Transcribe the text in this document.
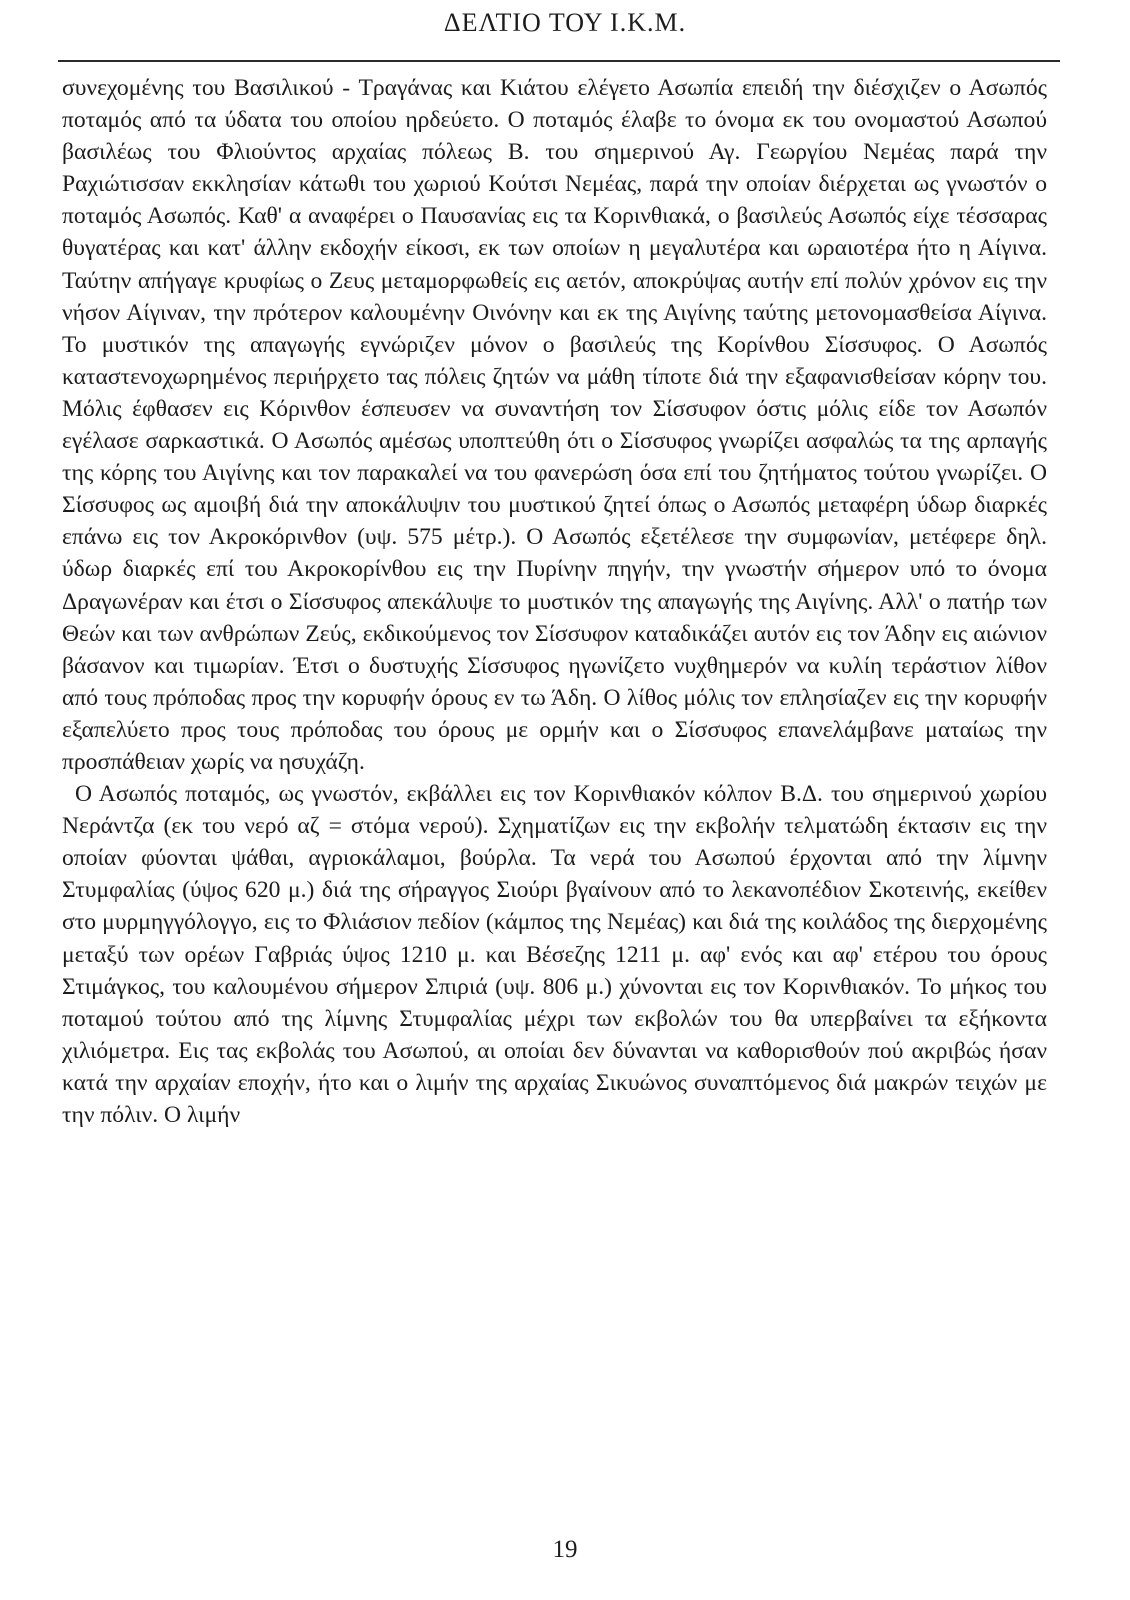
ΔΕΛΤΙΟ ΤΟΥ Ι.Κ.Μ.

συνεχομένης του Βασιλικού - Τραγάνας και Κιάτου ελέγετο Ασωπία επειδή την διέσχιζεν ο Ασωπός ποταμός από τα ύδατα του οποίου ηρδεύετο. Ο ποταμός έλαβε το όνομα εκ του ονομαστού Ασωπού βασιλέως του Φλιούντος αρχαίας πόλεως Β. του σημερινού Αγ. Γεωργίου Νεμέας παρά την Ραχιώτισσαν εκκλησίαν κάτωθι του χωριού Κούτσι Νεμέας, παρά την οποίαν διέρχεται ως γνωστόν ο ποταμός Ασωπός. Καθ' α αναφέρει ο Παυσανίας εις τα Κορινθιακά, ο βασιλεύς Ασωπός είχε τέσσαρας θυγατέρας και κατ' άλλην εκδοχήν είκοσι, εκ των οποίων η μεγαλυτέρα και ωραιοτέρα ήτο η Αίγινα. Ταύτην απήγαγε κρυφίως ο Ζευς μεταμορφωθείς εις αετόν, αποκρύψας αυτήν επί πολύν χρόνον εις την νήσον Αίγιναν, την πρότερον καλουμένην Οινόνην και εκ της Αιγίνης ταύτης μετονομασθείσα Αίγινα. Το μυστικόν της απαγωγής εγνώριζεν μόνον ο βασιλεύς της Κορίνθου Σίσσυφος. Ο Ασωπός καταστενοχωρημένος περιήρχετο τας πόλεις ζητών να μάθη τίποτε διά την εξαφανισθείσαν κόρην του. Μόλις έφθασεν εις Κόρινθον έσπευσεν να συναντήση τον Σίσσυφον όστις μόλις είδε τον Ασωπόν εγέλασε σαρκαστικά. Ο Ασωπός αμέσως υποπτεύθη ότι ο Σίσσυφος γνωρίζει ασφαλώς τα της αρπαγής της κόρης του Αιγίνης και τον παρακαλεί να του φανερώση όσα επί του ζητήματος τούτου γνωρίζει. Ο Σίσσυφος ως αμοιβή διά την αποκάλυψιν του μυστικού ζητεί όπως ο Ασωπός μεταφέρη ύδωρ διαρκές επάνω εις τον Ακροκόρινθον (υψ. 575 μέτρ.). Ο Ασωπός εξετέλεσε την συμφωνίαν, μετέφερε δηλ. ύδωρ διαρκές επί του Ακροκορίνθου εις την Πυρίνην πηγήν, την γνωστήν σήμερον υπό το όνομα Δραγωνέραν και έτσι ο Σίσσυφος απεκάλυψε το μυστικόν της απαγωγής της Αιγίνης. Αλλ' ο πατήρ των Θεών και των ανθρώπων Ζεύς, εκδικούμενος τον Σίσσυφον καταδικάζει αυτόν εις τον Άδην εις αιώνιον βάσανον και τιμωρίαν. Έτσι ο δυστυχής Σίσσυφος ηγωνίζετο νυχθημερόν να κυλίη τεράστιον λίθον από τους πρόποδας προς την κορυφήν όρους εν τω Άδη. Ο λίθος μόλις τον επλησίαζεν εις την κορυφήν εξαπελύετο προς τους πρόποδας του όρους με ορμήν και ο Σίσσυφος επανελάμβανε ματαίως την προσπάθειαν χωρίς να ησυχάζη.

Ο Ασωπός ποταμός, ως γνωστόν, εκβάλλει εις τον Κορινθιακόν κόλπον Β.Δ. του σημερινού χωρίου Νεράντζα (εκ του νερό αζ = στόμα νερού). Σχηματίζων εις την εκβολήν τελματώδη έκτασιν εις την οποίαν φύονται ψάθαι, αγριοκάλαμοι, βούρλα. Τα νερά του Ασωπού έρχονται από την λίμνην Στυμφαλίας (ύψος 620 μ.) διά της σήραγγος Σιούρι βγαίνουν από το λεκανοπέδιον Σκοτεινής, εκείθεν στο μυρμηγγόλογγο, εις το Φλιάσιον πεδίον (κάμπος της Νεμέας) και διά της κοιλάδος της διερχομένης μεταξύ των ορέων Γαβριάς ύψος 1210 μ. και Βέσεζης 1211 μ. αφ' ενός και αφ' ετέρου του όρους Στιμάγκος, του καλουμένου σήμερον Σπιριά (υψ. 806 μ.) χύνονται εις τον Κορινθιακόν. Το μήκος του ποταμού τούτου από της λίμνης Στυμφαλίας μέχρι των εκβολών του θα υπερβαίνει τα εξήκοντα χιλιόμετρα. Εις τας εκβολάς του Ασωπού, αι οποίαι δεν δύνανται να καθορισθούν πού ακριβώς ήσαν κατά την αρχαίαν εποχήν, ήτο και ο λιμήν της αρχαίας Σικυώνος συναπτόμενος διά μακρών τειχών με την πόλιν. Ο λιμήν

19
